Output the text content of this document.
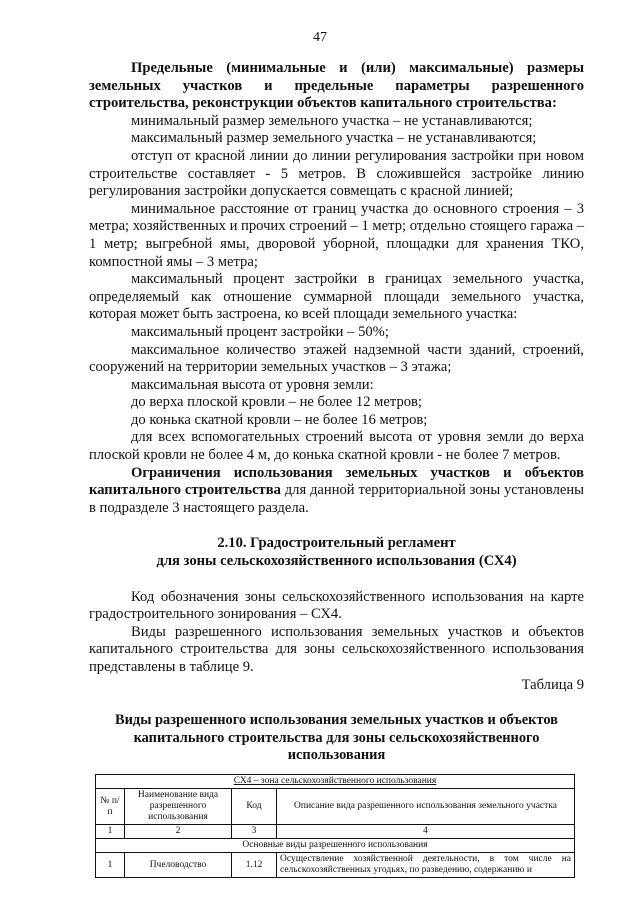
47

Предельные (минимальные и (или) максимальные) размеры земельных участков и предельные параметры разрешенного строительства, реконструкции объектов капитального строительства:

минимальный размер земельного участка – не устанавливаются;

максимальный размер земельного участка – не устанавливаются;

отступ от красной линии до линии регулирования застройки при новом строительстве составляет - 5 метров. В сложившейся застройке линию регулирования застройки допускается совмещать с красной линией;

минимальное расстояние от границ участка до основного строения – 3 метра; хозяйственных и прочих строений – 1 метр; отдельно стоящего гаража – 1 метр; выгребной ямы, дворовой уборной, площадки для хранения ТКО, компостной ямы – 3 метра;

максимальный процент застройки в границах земельного участка, определяемый как отношение суммарной площади земельного участка, которая может быть застроена, ко всей площади земельного участка:

максимальный процент застройки – 50%;

максимальное количество этажей надземной части зданий, строений, сооружений на территории земельных участков – 3 этажа;

максимальная высота от уровня земли:

до верха плоской кровли – не более 12 метров;

до конька скатной кровли – не более 16 метров;

для всех вспомогательных строений высота от уровня земли до верха плоской кровли не более 4 м, до конька скатной кровли - не более 7 метров.

Ограничения использования земельных участков и объектов капитального строительства для данной территориальной зоны установлены в подразделе 3 настоящего раздела.

2.10. Градостроительный регламент

для зоны сельскохозяйственного использования (СХ4)

Код обозначения зоны сельскохозяйственного использования на карте градостроительного зонирования – СХ4.

Виды разрешенного использования земельных участков и объектов капитального строительства для зоны сельскохозяйственного использования представлены в таблице 9.

Таблица 9

Виды разрешенного использования земельных участков и объектов капитального строительства для зоны сельскохозяйственного использования

СХ4 – зона сельскохозяйственного использования			
№ п/п	Наименование вида разрешенного использования	Код	Описание вида разрешенного использования земельного участка
1	2	3	4
Основные виды разрешенного использования			
1	Пчеловодство	1.12	Осуществление хозяйственной деятельности, в том числе на сельскохозяйственных угодьях, по разведению, содержанию и
